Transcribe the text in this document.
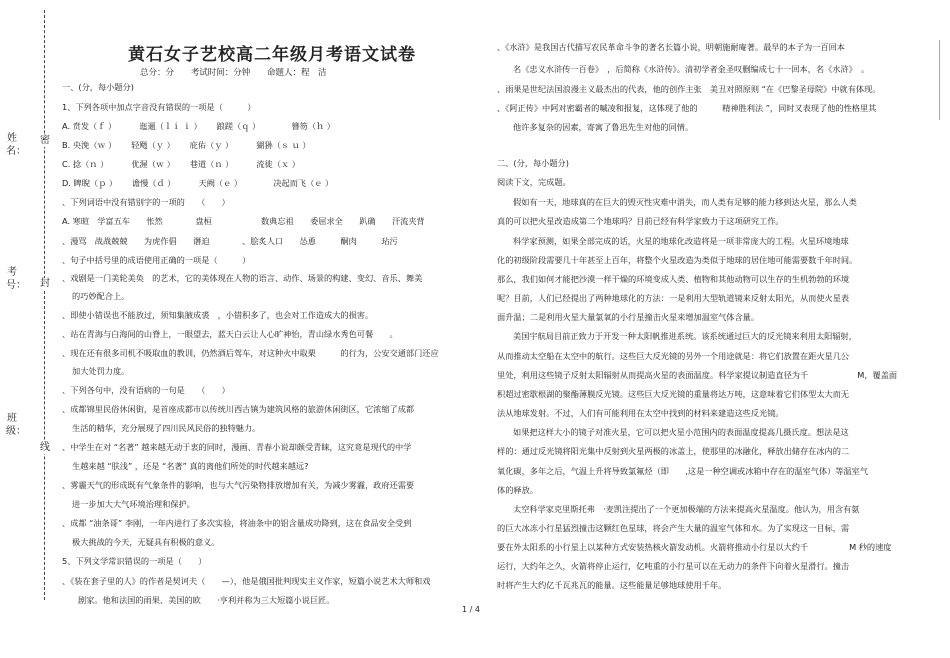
密
封
线
姓名：
考号：
班级：
黄石女子艺校高二年级月考语文试卷
总分：分 考试时间：分钟 命题人：程　洁
一、(分，每小题分)
1、下列各项中加点字音没有错误的一项是（　　　）
A. 贲发（ｆ ）　　　 迤逦（ｌｉ ｉ ）　　 踉蹉（ｑ ）　　　　 簪笏（ｈ ）
B. 央浼（ｗ ）　　 轻飏（ｙ ）　　 庇佑（ｙ ）　　　 猢狲（ｓ ｕ ）
C. 捻（ｎ ）　　　 优渥（ｗ ）　　 巷道（ｎ ）　　　 流徙（ｘ ）
D. 睥睨（ｐ ）　　 谵慢（ｄ ）　　　 天阙（ｅ ）　　　　 决起而飞（ｅ ）
、下列词语中没有错别字的一项的　　（　　）
A. 寒暄　学富五车　　怅然　　　　盘桓　　　　　　数典忘祖　　委屈求全　　趴确　　汗流夹背
、漫骂　战战兢兢　　为虎作倡　　谮迫　　　　、脍炙人口　　怂恿　　　酮肉　　　玷污
、句子中括号里的成语使用正确的一项是（　　　）
、戏剧是一门美轮美奂　的艺术，它的美体现在人物的语言、动作、场景的构建、变幻、音乐、舞美
的巧妙配合上。
、即使小错误也不能放过，须知集腋成裘　，小错积多了，也会对工作造成大的损害。
、站在青海与白海间的山脊上，一眼望去，蓝天白云让人心旷神怡，青山绿水秀色可餐　　。
、现在还有很多司机不吸取血的教训，仍然酒后驾车，对这种火中取栗　　　的行为，公安交通部门还应
加大处罚力度。
、下列各句中，没有语病的一句是　　（　　）
、成都锦里民俗休闲街，是首座成都市以传统川西古镇为建筑风格的旅游休闲街区，它浓缩了成都
生活的精华，充分展现了四川民风民俗的独特魅力。
、中学生在对 “名著” 越来越无动于衷的同时，漫画、青春小说却颇受青睐，这究竟是现代的中学
生越来越 “肤浅” ，还是 “名著” 真的离他们所处的时代越来越远?
、雾霾天气的形成既有气象条件的影响，也与大气污染物排放增加有关，为减少雾霾，政府还需要
进一步加大大气环境治理和保护。
、成都 “油条哥” 李刚，一年内进行了多次实验，将油条中的铝含量成功降到，这在食品安全受到
极大挑战的今天，无疑具有积极的意义。
5、下列文学常识错误的一项是（　　）
、《装在套子里的人》的作者是契诃夫（　　—），他是俄国批判现实主义作家，短篇小说艺术大师和戏
剧家。他和法国的雨果、美国的欧　　·亨利并称为三大短篇小说巨匠。
、《水浒》是我国古代描写农民革命斗争的著名长篇小说，明朝施耐庵著。最早的本子为一百回本
名《忠义水浒传一百卷》　，后简称《水浒传》。清初学者金圣叹删编成七十一回本，名《水浒》　。
、雨果是世纪法国浪漫主义最杰出的代表，他的创作主张　美丑对照原则 “在《巴黎圣母院》中就有体现。
、《阿正传》中阿对密霸者的嘁凌和报复，这体现了他的　　　精神胜利法 ”，同时又表现了他的性格里其
他许多复杂的因素，寄寓了鲁迅先生对他的同情。
二、(分，每小题分)
阅读下文，完成题。
假如有一天，地球真的在巨大的毁灭性灾难中消失，而人类有足够的能力移到达火星，那么人类
真的可以把火星改造成第二个地球吗？目前已经有科学家致力于这项研究工作。
科学家预测，如果全部完成的话，火星的地球化改造将是一项非常庞大的工程。火星环境地球
化的初级阶段需要几十年甚至上百年，将整个火星改造为类似于地球的居住地可能需要数千年时间。
那么，我们如何才能把沙漠一样干燥的环境变成人类、植物和其他动物可以生存的生机勃勃的环境
呢？目前，人们已经提出了两种地球化的方法：一是利用大型轨道镜来反射太阳光，从而使火星表
面升温；二是利用火星大量氯氧的小行星撞击火星来增加温室气体含量。
美国宇航局目前正致力于开发一种太阳帆推进系统。该系统通过巨大的反光镜来利用太阳辐射，
从而推动太空船在太空中的航行。这些巨大反光镜的另外一个用途就是：将它们放置在距火星几公
里处，利用这些镜子反射太阳辐射从而提高火星的表面温度。科学家提议制造直径为千　　　　　　M，覆盖面
积超过密歇根湖的聚酯薄膜反光镜。这些巨大反光镜的重量将达万吨，这意味着它们体型太大而无
法从地球发射。不过，人们有可能利用在太空中找到的材料来建造这些反光镜。
如果把这样大小的镜子对准火星，它可以把火星小范围内的表面温度提高几摄氏度。想法是这
样的：通过反光镜将阳光集中反射到火星两极的冰盖上，使那里的冰融化，释放出储存在冰内的二
氧化碳，多年之后，气温上升将导致氯氟烃（即　　,这是一种空调或冰箱中存在的温室气体）等温室气
体的释放。
太空科学家克里斯托弗　·麦凯注提出了一个更加极端的方法来提高火星温度。他认为，用含有氨
的巨大冰冻小行星猛烈撞击这颗红色星球，将会产生大量的温室气体和水。为了实现这一目标，需
要在外太阳系的小行星上以某种方式安装热核火箭发动机。火箭将推动小行星以大约千　　　　　M 秒的速度
运行，大约年之久，火箭将停止运行，亿吨重的小行星可以在无动力的条件下向着火星滑行。撞击
时将产生大约亿千瓦兆瓦的能量。这些能量足够地球使用千年。
1 / 4
